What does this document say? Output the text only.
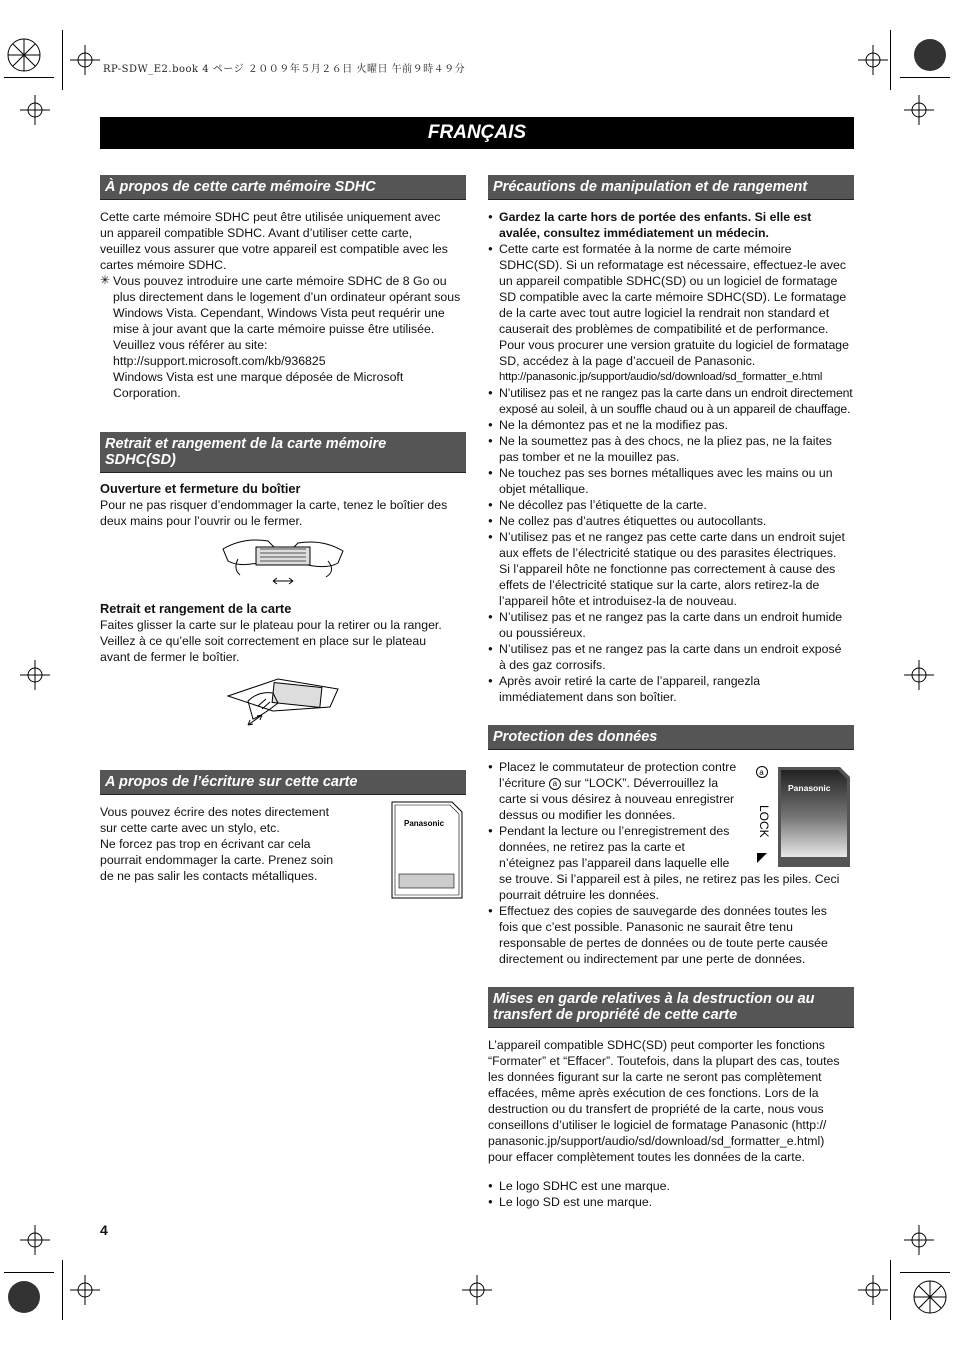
RP-SDW_E2.book 4 ページ ２００９年５月２６日 火曜日 午前９時４９分
FRANÇAIS
À propos de cette carte mémoire SDHC

Cette carte mémoire SDHC peut être utilisée uniquement avec

un appareil compatible SDHC. Avant d’utiliser cette carte,

veuillez vous assurer que votre appareil est compatible avec les

cartes mémoire SDHC.

✳ Vous pouvez introduire une carte mémoire SDHC de 8 Go ou

plus directement dans le logement d’un ordinateur opérant sous

Windows Vista. Cependant, Windows Vista peut requérir une

mise à jour avant que la carte mémoire puisse être utilisée.

Veuillez vous référer au site:

http://support.microsoft.com/kb/936825

Windows Vista est une marque déposée de Microsoft

Corporation.

Retrait et rangement de la carte mémoire SDHC(SD)

Ouverture et fermeture du boîtier

Pour ne pas risquer d’endommager la carte, tenez le boîtier des

deux mains pour l’ouvrir ou le fermer.

Retrait et rangement de la carte

Faites glisser la carte sur le plateau pour la retirer ou la ranger.

Veillez à ce qu’elle soit correctement en place sur le plateau

avant de fermer le boîtier.

A propos de l’écriture sur cette carte

Vous pouvez écrire des notes directement

sur cette carte avec un stylo, etc.

Ne forcez pas trop en écrivant car cela

pourrait endommager la carte. Prenez soin

de ne pas salir les contacts métalliques.

Panasonic
Précautions de manipulation et de rangement
● Gardez la carte hors de portée des enfants. Si elle est
avalée, consultez immédiatement un médecin.
● Cette carte est formatée à la norme de carte mémoire
SDHC(SD). Si un reformatage est nécessaire, effectuez-le avec
un appareil compatible SDHC(SD) ou un logiciel de formatage
SD compatible avec la carte mémoire SDHC(SD). Le formatage
de la carte avec tout autre logiciel la rendrait non standard et
causerait des problèmes de compatibilité et de performance.
Pour vous procurer une version gratuite du logiciel de formatage
SD, accédez à la page d’accueil de Panasonic.
http://panasonic.jp/support/audio/sd/download/sd_formatter_e.html
● N’utilisez pas et ne rangez pas la carte dans un endroit directement
exposé au soleil, à un souffle chaud ou à un appareil de chauffage.
● Ne la démontez pas et ne la modifiez pas.
● Ne la soumettez pas à des chocs, ne la pliez pas, ne la faites
pas tomber et ne la mouillez pas.
● Ne touchez pas ses bornes métalliques avec les mains ou un
objet métallique.
● Ne décollez pas l’étiquette de la carte.
● Ne collez pas d’autres étiquettes ou autocollants.
● N’utilisez pas et ne rangez pas cette carte dans un endroit sujet
aux effets de l’électricité statique ou des parasites électriques.
Si l’appareil hôte ne fonctionne pas correctement à cause des
effets de l’électricité statique sur la carte, alors retirez-la de
l’appareil hôte et introduisez-la de nouveau.
● N’utilisez pas et ne rangez pas la carte dans un endroit humide
ou poussiéreux.
● N’utilisez pas et ne rangez pas la carte dans un endroit exposé
à des gaz corrosifs.
● Après avoir retiré la carte de l’appareil, rangezla
immédiatement dans son boîtier.
Protection des données
● Placez le commutateur de protection contre
l’écriture a sur “LOCK”. Déverrouillez la
carte si vous désirez à nouveau enregistrer
dessus ou modifier les données.
● Pendant la lecture ou l’enregistrement des
données, ne retirez pas la carte et
n’éteignez pas l’appareil dans laquelle elle
se trouve. Si l’appareil est à piles, ne retirez pas les piles. Ceci
pourrait détruire les données.
● Effectuez des copies de sauvegarde des données toutes les
fois que c’est possible. Panasonic ne saurait être tenu
responsable de pertes de données ou de toute perte causée
directement ou indirectement par une perte de données.
a
Panasonic
LOCK
Mises en garde relatives à la destruction ou au transfert de propriété de cette carte

L’appareil compatible SDHC(SD) peut comporter les fonctions

“Formater” et “Effacer”. Toutefois, dans la plupart des cas, toutes

les données figurant sur la carte ne seront pas complètement

effacées, même après exécution de ces fonctions. Lors de la

destruction ou du transfert de propriété de la carte, nous vous

conseillons d’utiliser le logiciel de formatage Panasonic (http://

panasonic.jp/support/audio/sd/download/sd_formatter_e.html)

pour effacer complètement toutes les données de la carte.

● Le logo SDHC est une marque.
● Le logo SD est une marque.
4
